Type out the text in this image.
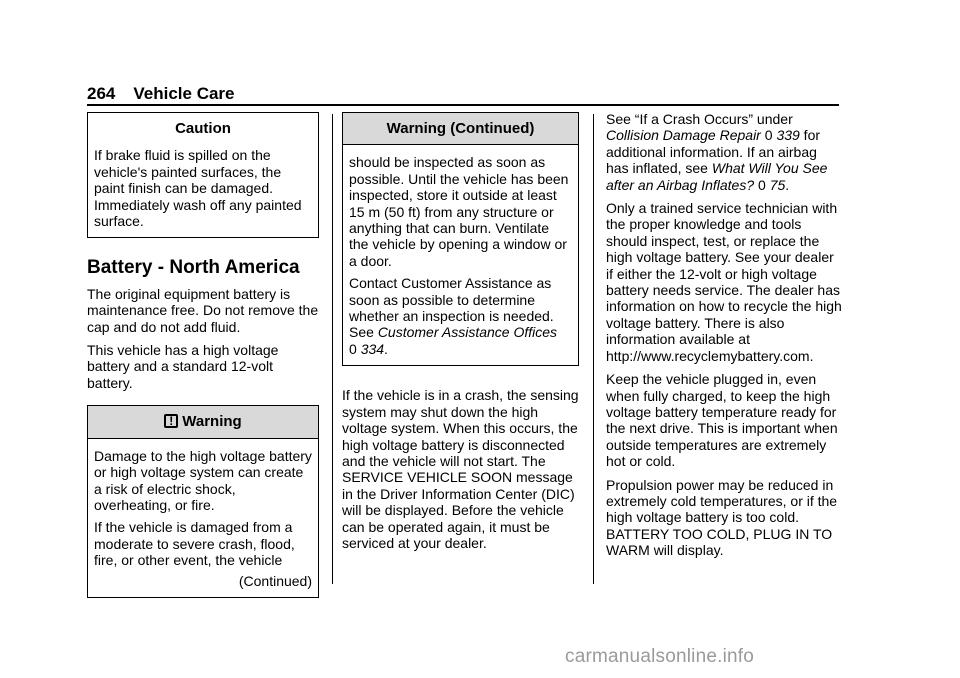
264 Vehicle Care
Caution

If brake fluid is spilled on the vehicle's painted surfaces, the paint finish can be damaged. Immediately wash off any painted surface.

Battery - North America

The original equipment battery is maintenance free. Do not remove the cap and do not add fluid.

This vehicle has a high voltage battery and a standard 12-volt battery.

!Warning

Damage to the high voltage battery or high voltage system can create a risk of electric shock, overheating, or fire.

If the vehicle is damaged from a moderate to severe crash, flood, fire, or other event, the vehicle

(Continued)

Warning (Continued)

should be inspected as soon as possible. Until the vehicle has been inspected, store it outside at least 15 m (50 ft) from any structure or anything that can burn. Ventilate the vehicle by opening a window or a door.

Contact Customer Assistance as soon as possible to determine whether an inspection is needed. See Customer Assistance Offices
0 334.

If the vehicle is in a crash, the sensing system may shut down the high voltage system. When this occurs, the high voltage battery is disconnected and the vehicle will not start. The SERVICE VEHICLE SOON message in the Driver Information Center (DIC) will be displayed. Before the vehicle can be operated again, it must be serviced at your dealer.

See “If a Crash Occurs” under Collision Damage Repair 0 339 for additional information. If an airbag has inflated, see What Will You See after an Airbag Inflates? 0 75.

Only a trained service technician with the proper knowledge and tools should inspect, test, or replace the high voltage battery. See your dealer if either the 12-volt or high voltage battery needs service. The dealer has information on how to recycle the high voltage battery. There is also information available at http://www.recyclemybattery.com.

Keep the vehicle plugged in, even when fully charged, to keep the high voltage battery temperature ready for the next drive. This is important when outside temperatures are extremely hot or cold.

Propulsion power may be reduced in extremely cold temperatures, or if the high voltage battery is too cold. BATTERY TOO COLD, PLUG IN TO WARM will display.

carmanualsonline.info
